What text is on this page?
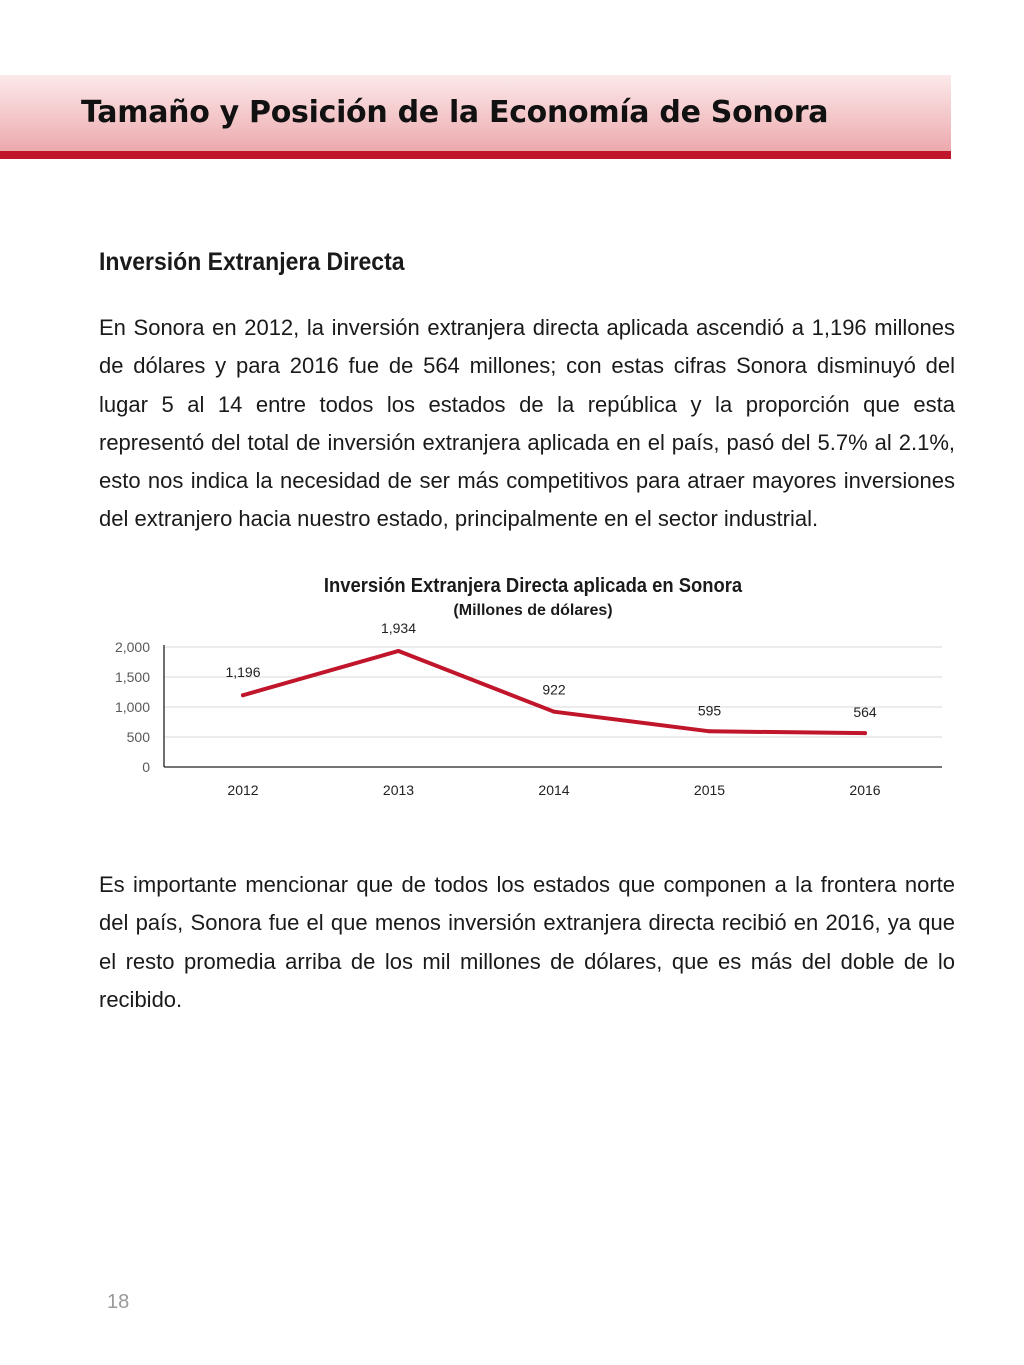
Tamaño y Posición de la Economía de Sonora
Inversión Extranjera Directa

En Sonora en 2012, la inversión extranjera directa aplicada ascendió a 1,196 millones de dólares y para 2016 fue de 564 millones; con estas cifras Sonora disminuyó del lugar 5 al 14 entre todos los estados de la república y la proporción que esta representó del total de inversión extranjera aplicada en el país, pasó del 5.7% al 2.1%, esto nos indica la necesidad de ser más competitivos para atraer mayores inversiones del extranjero hacia nuestro estado, principalmente en el sector industrial.

Inversión Extranjera Directa aplicada en Sonora
(Millones de dólares)
0
500
1,000
1,500
2,000
2012	2013	2014	2015	2016
1,196
1,934
922
595	564

Es importante mencionar que de todos los estados que componen a la frontera norte del país, Sonora fue el que menos inversión extranjera directa recibió en 2016, ya que el resto promedia arriba de los mil millones de dólares, que es más del doble de lo recibido.

18
